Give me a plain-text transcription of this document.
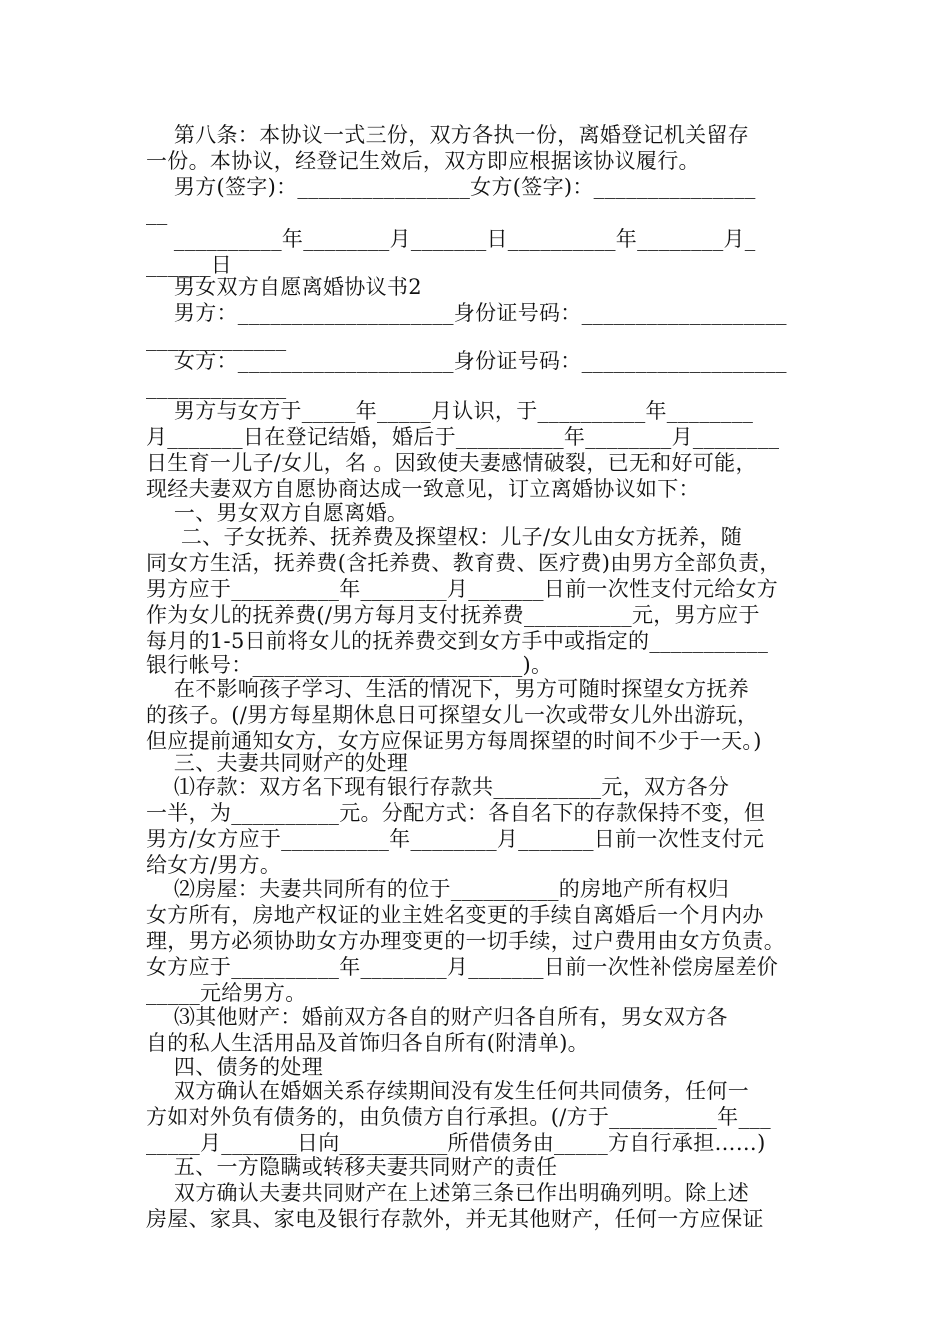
第八条：本协议一式三份，双方各执一份，离婚登记机关留存
一份。本协议，经登记生效后，双方即应根据该协议履行。
男方(签字)：________________女方(签字)：_______________
__
__________年________月_______日__________年________月_
______日
男女双方自愿离婚协议书2
男方：____________________身份证号码：___________________
_____________
女方：____________________身份证号码：___________________
_____________
男方与女方于_____年_____月认识，于__________年________
月_______日在登记结婚，婚后于__________年________月________
日生育一儿子/女儿，名 。因致使夫妻感情破裂，已无和好可能，
现经夫妻双方自愿协商达成一致意见，订立离婚协议如下：
一、男女双方自愿离婚。
二、子女抚养、抚养费及探望权：儿子/女儿由女方抚养，随
同女方生活，抚养费(含托养费、教育费、医疗费)由男方全部负责，
男方应于__________年________月_______日前一次性支付元给女方
作为女儿的抚养费(/男方每月支付抚养费__________元，男方应于
每月的1-5日前将女儿的抚养费交到女方手中或指定的___________
银行帐号：_________________________)。
在不影响孩子学习、生活的情况下，男方可随时探望女方抚养
的孩子。(/男方每星期休息日可探望女儿一次或带女儿外出游玩，
但应提前通知女方，女方应保证男方每周探望的时间不少于一天。)
三、夫妻共同财产的处理
⑴存款：双方名下现有银行存款共__________元，双方各分
一半，为__________元。分配方式：各自名下的存款保持不变，但
男方/女方应于__________年________月_______日前一次性支付元
给女方/男方。
⑵房屋：夫妻共同所有的位于__________的房地产所有权归
女方所有，房地产权证的业主姓名变更的手续自离婚后一个月内办
理，男方必须协助女方办理变更的一切手续，过户费用由女方负责。
女方应于__________年________月_______日前一次性补偿房屋差价
_____元给男方。
⑶其他财产：婚前双方各自的财产归各自所有，男女双方各
自的私人生活用品及首饰归各自所有(附清单)。
四、债务的处理
双方确认在婚姻关系存续期间没有发生任何共同债务，任何一
方如对外负有债务的，由负债方自行承担。(/方于__________年___
_____月_______日向__________所借债务由_____方自行承担……)
五、一方隐瞒或转移夫妻共同财产的责任
双方确认夫妻共同财产在上述第三条已作出明确列明。除上述
房屋、家具、家电及银行存款外，并无其他财产，任何一方应保证
